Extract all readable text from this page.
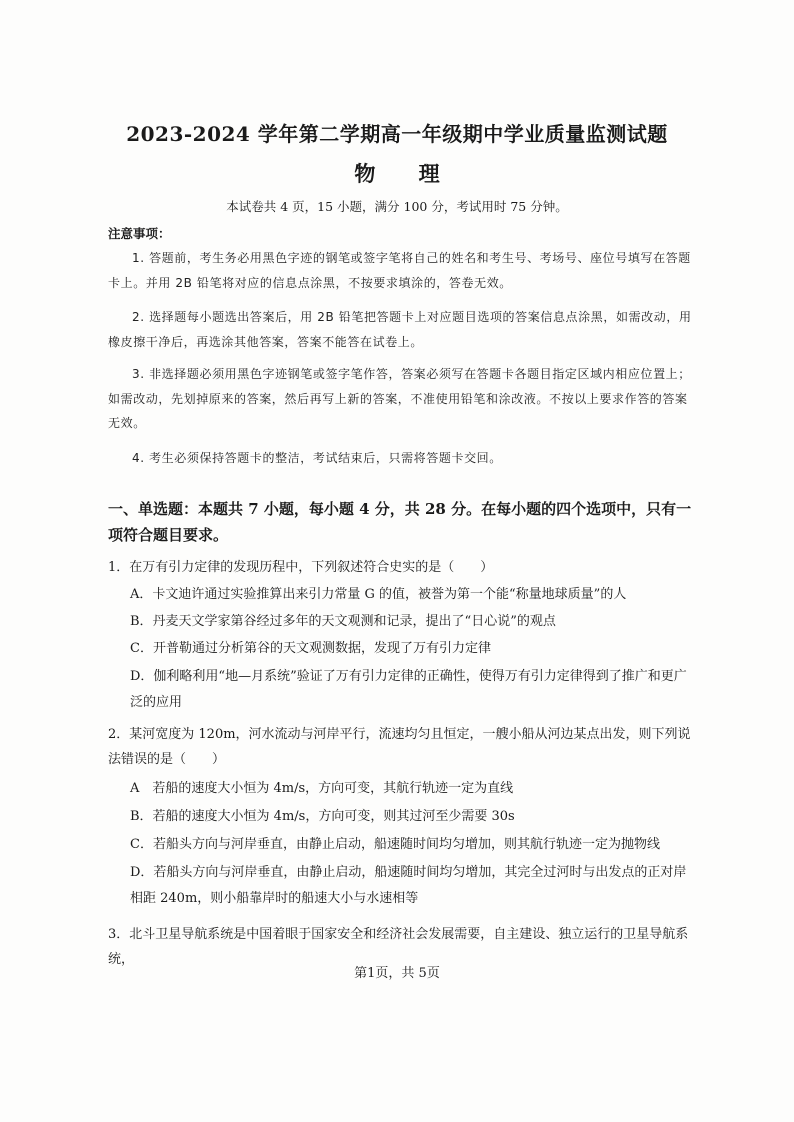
2023-2024 学年第二学期高一年级期中学业质量监测试题
物 理
本试卷共 4 页，15 小题，满分 100 分，考试用时 75 分钟。
注意事项：

1. 答题前，考生务必用黑色字迹的钢笔或签字笔将自己的姓名和考生号、考场号、座位号填写在答题卡上。并用 2B 铅笔将对应的信息点涂黑，不按要求填涂的，答卷无效。

2. 选择题每小题选出答案后，用 2B 铅笔把答题卡上对应题目选项的答案信息点涂黑，如需改动，用橡皮擦干净后，再选涂其他答案，答案不能答在试卷上。

3. 非选择题必须用黑色字迹钢笔或签字笔作答，答案必须写在答题卡各题目指定区域内相应位置上；如需改动，先划掉原来的答案，然后再写上新的答案，不准使用铅笔和涂改液。不按以上要求作答的答案无效。

4. 考生必须保持答题卡的整洁，考试结束后，只需将答题卡交回。

一、单选题：本题共 7 小题，每小题 4 分，共 28 分。在每小题的四个选项中，只有一项符合题目要求。

1．在万有引力定律的发现历程中，下列叙述符合史实的是（　　）

A．卡文迪许通过实验推算出来引力常量 G 的值，被誉为第一个能“称量地球质量”的人

B．丹麦天文学家第谷经过多年的天文观测和记录，提出了“日心说”的观点

C．开普勒通过分析第谷的天文观测数据，发现了万有引力定律

D．伽利略利用“地—月系统”验证了万有引力定律的正确性，使得万有引力定律得到了推广和更广泛的应用

2．某河宽度为 120m，河水流动与河岸平行，流速均匀且恒定，一艘小船从河边某点出发，则下列说法错误的是（　　）

A　若船的速度大小恒为 4m/s，方向可变，其航行轨迹一定为直线

B．若船的速度大小恒为 4m/s，方向可变，则其过河至少需要 30s

C．若船头方向与河岸垂直，由静止启动，船速随时间均匀增加，则其航行轨迹一定为抛物线

D．若船头方向与河岸垂直，由静止启动，船速随时间均匀增加，其完全过河时与出发点的正对岸相距 240m，则小船靠岸时的船速大小与水速相等

3．北斗卫星导航系统是中国着眼于国家安全和经济社会发展需要，自主建设、独立运行的卫星导航系统，

第1页，共 5页
